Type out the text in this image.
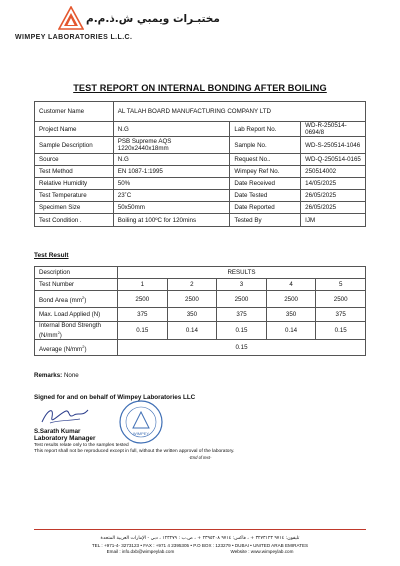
مختبـرات ويمبي ش.ذ.م.م
WIMPEY LABORATORIES L.L.C.
TEST REPORT ON INTERNAL BONDING AFTER BOILING
Customer Name	AL TALAH BOARD MANUFACTURING COMPANY LTD		
Project Name	N.G	Lab Report No.	WD-R-250514-0694/8
Sample Description	PSB Supreme AQS
1220x2440x18mm	Sample No.	WD-S-250514-1046
Source	N.G	Request No..	WD-Q-250514-0165
Test Method	EN 1087-1:1995	Wimpey Ref No.	250514002
Relative Humidity	50%	Date Received	14/05/2025
Test Temperature	23˚C	Date Tested	26/05/2025
Specimen Size	50x50mm	Date Reported	26/05/2025
Test Condition .	Boiling at 100ºC for 120mins	Tested By	IJM
Test Result
Description	RESULTS				
Test Number	1	2	3	4	5
Bond Area $(mm^2)$	2500	2500	2500	2500	2500
Max. Load Applied (N)	375	350	375	350	375
Internal Bond Strength
$(N/mm^2)$	0.15	0.14	0.15	0.14	0.15
Average $(N/mm^2)$	0.15				
Remarks: None
Signed for and on behalf of Wimpey Laboratories LLC
WIMPEY
S.Sarath Kumar
Laboratory Manager
Test results relate only to the samples tested
This report shall not be reproduced except in full, without the written approval of the laboratory.
-End of text-
تليفون: ٩٧١٤ ٣٢٧٣١٢٣ + ، فاكس: ٩٧١٤ ٢٣٩٥٣٠٨ + ، ص.ب : ١٢٣٢٧٩ ، دبي - الإمارات العربية المتحدة
TEL : +971-4- 3273123 • FAX : +971 4 2395305 • P.O BOX : 123279 • DUBAI • UNITED ARAB EMIRATES
Email : info.dxb@wimpeylab.com                                            Website : www.wimpeylab.com
